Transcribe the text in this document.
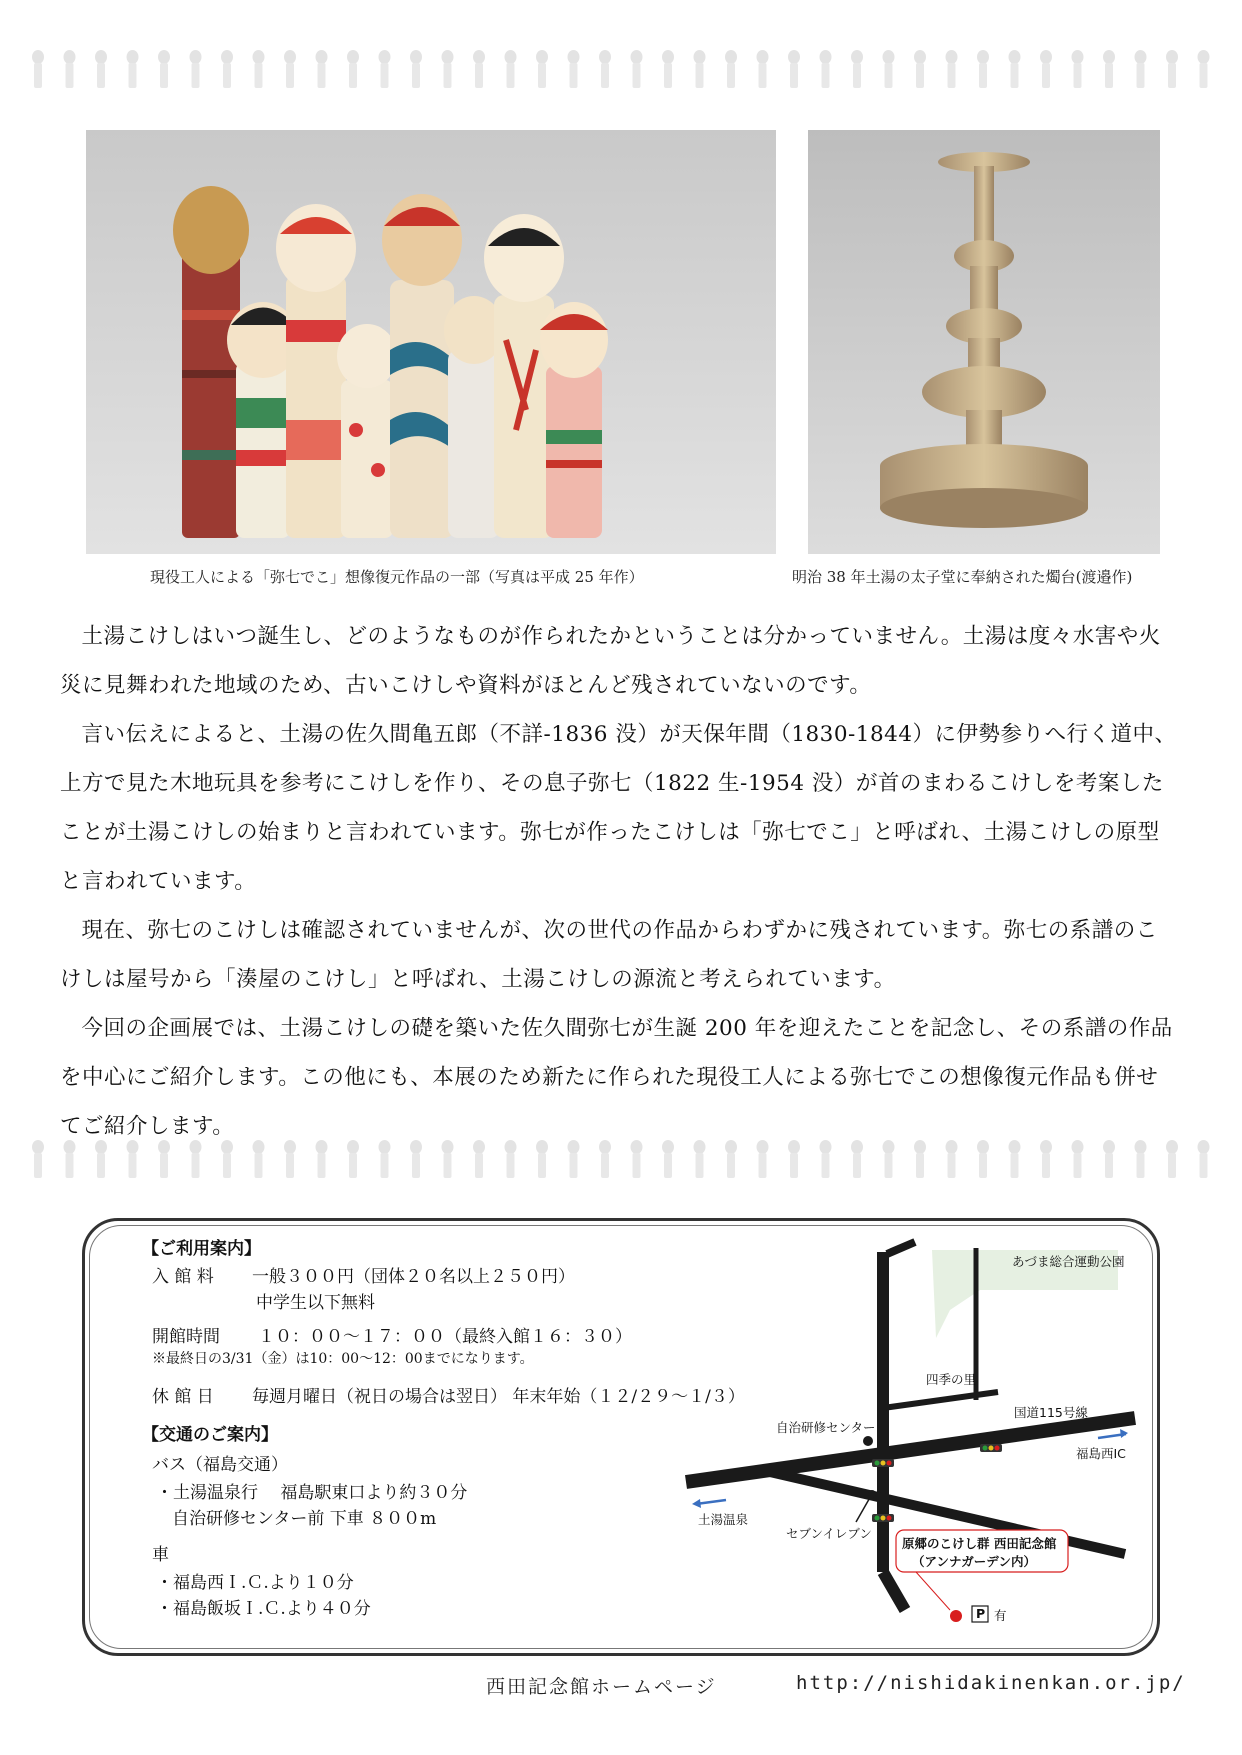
現役工人による「弥七でこ」想像復元作品の一部（写真は平成 25 年作）	明治 38 年土湯の太子堂に奉納された燭台(渡邉作)

土湯こけしはいつ誕生し、どのようなものが作られたかということは分かっていません。土湯は度々水害や火災に見舞われた地域のため、古いこけしや資料がほとんど残されていないのです。

言い伝えによると、土湯の佐久間亀五郎（不詳-1836 没）が天保年間（1830-1844）に伊勢参りへ行く道中、上方で見た木地玩具を参考にこけしを作り、その息子弥七（1822 生-1954 没）が首のまわるこけしを考案したことが土湯こけしの始まりと言われています。弥七が作ったこけしは「弥七でこ」と呼ばれ、土湯こけしの原型と言われています。

現在、弥七のこけしは確認されていませんが、次の世代の作品からわずかに残されています。弥七の系譜のこけしは屋号から「湊屋のこけし」と呼ばれ、土湯こけしの源流と考えられています。

今回の企画展では、土湯こけしの礎を築いた佐久間弥七が生誕 200 年を迎えたことを記念し、その系譜の作品を中心にご紹介します。この他にも、本展のため新たに作られた現役工人による弥七でこの想像復元作品も併せてご紹介します。

【ご利用案内】
入 館 料 一般３００円（団体２０名以上２５０円）
中学生以下無料
開館時間 １０：００～１７：００（最終入館１６：３０）
※最終日の3/31（金）は10：00～12：00までになります。
休 館 日 毎週月曜日（祝日の場合は翌日） 年末年始（１２/２９～１/３）
【交通のご案内】
バス（福島交通）
・土湯温泉行　 福島駅東口より約３０分
自治研修センター前 下車 ８００m
車
・福島西Ｉ.Ｃ.より１０分
・福島飯坂Ｉ.Ｃ.より４０分
あづま総合運動公園
四季の里
国道115号線
自治研修センター
福島西IC
土湯温泉
セブンイレブン
原郷のこけし群 西田記念館
（アンナガーデン内）
P 有
西田記念館ホームページ	http://nishidakinenkan.or.jp/
